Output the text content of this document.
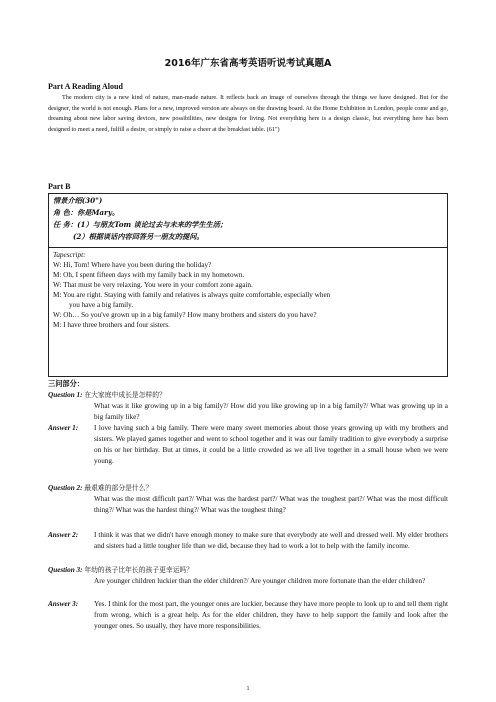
2016年广东省高考英语听说考试真题A
Part A Reading Aloud

The modern city is a new kind of nature, man-made nature. It reflects back an image of ourselves through the things we have designed. But for the designer, the world is not enough. Plans for a new, improved version are always on the drawing board. At the Home Exhibition in London, people come and go, dreaming about new labor saving devices, new possibilities, new designs for living. Not everything here is a design classic, but everything here has been designed to meet a need, fulfill a desire, or simply to raise a cheer at the breakfast table. (61")

Part B
情景介绍(30")
角 色：你是Mary。
任 务：(1）与朋友Tom 谈论过去与未来的学生生活；
(2）根据谈话内容回答另一朋友的提问。
Tapescript:
W: Hi, Tom! Where have you been during the holiday?
M: Oh, I spent fifteen days with my family back in my hometown.
W: That must be very relaxing. You were in your comfort zone again.
M: You are right. Staying with family and relatives is always quite comfortable, especially when
you have a big family.
W: Oh… So you've grown up in a big family? How many brothers and sisters do you have?
M: I have three brothers and four sisters.
三问部分：
Question 1: 在大家庭中成长是怎样的？
What was it like growing up in a big family?/ How did you like growing up in a big family?/ What was growing up in a big family like?
Answer 1: I love having such a big family. There were many sweet memories about those years growing up with my brothers and sisters. We played games together and went to school together and it was our family tradition to give everybody a surprise on his or her birthday. But at times, it could be a little crowded as we all live together in a small house when we were young.
Question 2: 最艰难的部分是什么？
What was the most difficult part?/ What was the hardest part?/ What was the toughest part?/ What was the most difficult thing?/ What was the hardest thing?/ What was the toughest thing?
Answer 2: I think it was that we didn't have enough money to make sure that everybody ate well and dressed well. My elder brothers and sisters had a little tougher life than we did, because they had to work a lot to help with the family income.
Question 3: 年幼的孩子比年长的孩子更幸运吗？
Are younger children luckier than the elder children?/ Are younger children more fortunate than the elder children?
Answer 3: Yes. I think for the most part, the younger ones are luckier, because they have more people to look up to and tell them right from wrong, which is a great help. As for the elder children, they have to help support the family and look after the younger ones. So usually, they have more responsibilities.
1
